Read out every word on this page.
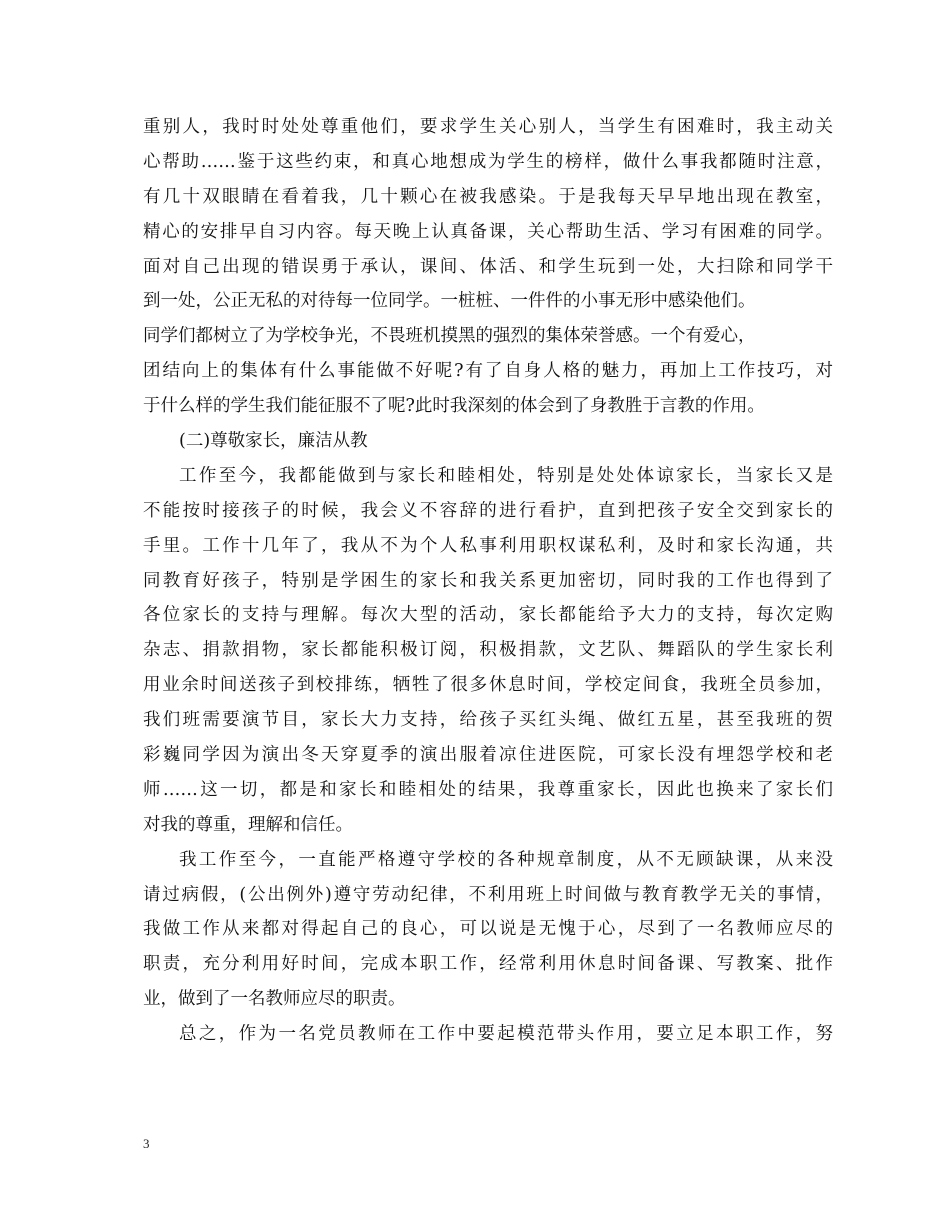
重别人，我时时处处尊重他们，要求学生关心别人，当学生有困难时，我主动关
心帮助……鉴于这些约束，和真心地想成为学生的榜样，做什么事我都随时注意，
有几十双眼睛在看着我，几十颗心在被我感染。于是我每天早早地出现在教室，
精心的安排早自习内容。每天晚上认真备课，关心帮助生活、学习有困难的同学。
面对自己出现的错误勇于承认，课间、体活、和学生玩到一处，大扫除和同学干
到一处，公正无私的对待每一位同学。一桩桩、一件件的小事无形中感染他们。
同学们都树立了为学校争光，不畏班机摸黑的强烈的集体荣誉感。一个有爱心，
团结向上的集体有什么事能做不好呢?有了自身人格的魅力，再加上工作技巧，对
于什么样的学生我们能征服不了呢?此时我深刻的体会到了身教胜于言教的作用。
(二)尊敬家长，廉洁从教
工作至今，我都能做到与家长和睦相处，特别是处处体谅家长，当家长又是
不能按时接孩子的时候，我会义不容辞的进行看护，直到把孩子安全交到家长的
手里。工作十几年了，我从不为个人私事利用职权谋私利，及时和家长沟通，共
同教育好孩子，特别是学困生的家长和我关系更加密切，同时我的工作也得到了
各位家长的支持与理解。每次大型的活动，家长都能给予大力的支持，每次定购
杂志、捐款捐物，家长都能积极订阅，积极捐款，文艺队、舞蹈队的学生家长利
用业余时间送孩子到校排练，牺牲了很多休息时间，学校定间食，我班全员参加，
我们班需要演节目，家长大力支持，给孩子买红头绳、做红五星，甚至我班的贺
彩巍同学因为演出冬天穿夏季的演出服着凉住进医院，可家长没有埋怨学校和老
师……这一切，都是和家长和睦相处的结果，我尊重家长，因此也换来了家长们
对我的尊重，理解和信任。
我工作至今，一直能严格遵守学校的各种规章制度，从不无顾缺课，从来没
请过病假，(公出例外)遵守劳动纪律，不利用班上时间做与教育教学无关的事情，
我做工作从来都对得起自己的良心，可以说是无愧于心，尽到了一名教师应尽的
职责，充分利用好时间，完成本职工作，经常利用休息时间备课、写教案、批作
业，做到了一名教师应尽的职责。
总之，作为一名党员教师在工作中要起模范带头作用，要立足本职工作，努
3
